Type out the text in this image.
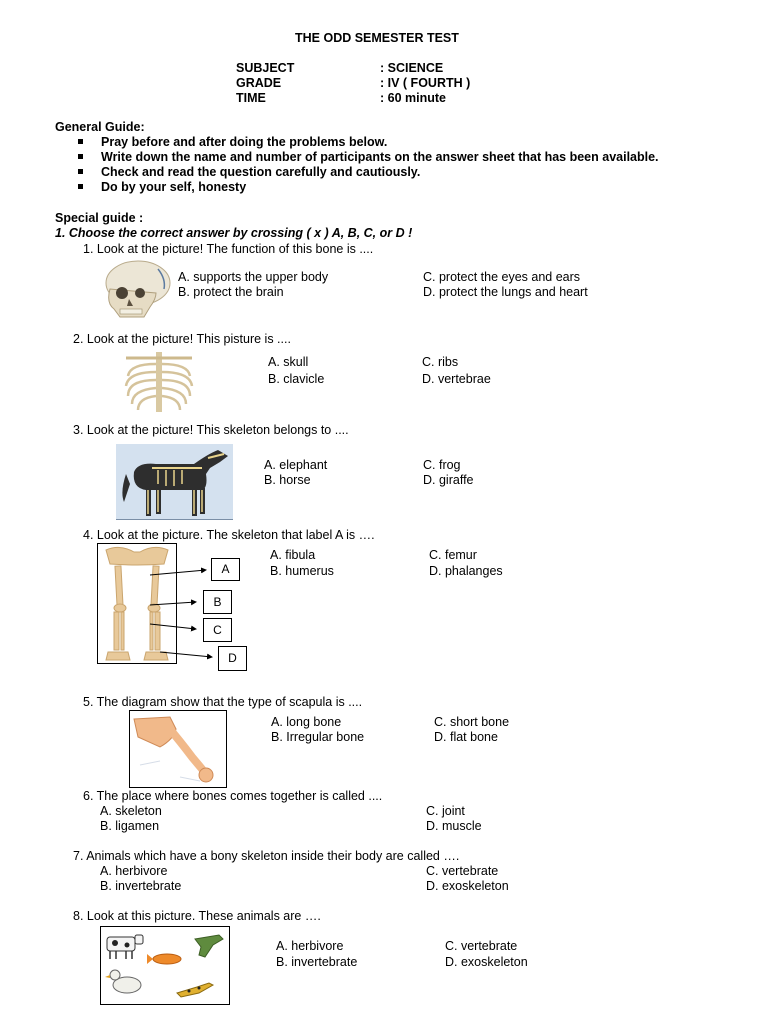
THE ODD SEMESTER TEST
SUBJECT	: SCIENCE
GRADE	: IV ( FOURTH )
TIME	: 60 minute
General Guide:
Pray before and after doing the problems below.
Write down the name and number of participants on the answer sheet that has been available.
Check and read the question carefully and cautiously.
Do by your self, honesty
Special guide :
1. Choose the correct answer by crossing ( x ) A, B, C, or D !
1. Look at the picture! The function of this bone is ....
A. supports the upper body
B. protect the brain
C. protect the eyes and ears
D. protect the lungs and heart
2. Look at the picture! This pisture is ....
A. skull
B. clavicle
C. ribs
D. vertebrae
3. Look at the picture! This skeleton belongs to ....
A. elephant
B. horse
C. frog
D. giraffe
4. Look at the picture. The skeleton that label A is ….
A
B
C
D
A. fibula
B. humerus
C. femur
D. phalanges
5. The diagram show that the type of scapula is ....
A. long bone
B. Irregular bone
C. short bone
D. flat bone
6. The place where bones comes together is called ....
A. skeleton
B. ligamen
C. joint
D. muscle
7. Animals which have a bony skeleton inside their body are called ….
A. herbivore
B. invertebrate
C. vertebrate
D. exoskeleton
8. Look at this picture. These animals are ….
A. herbivore
B. invertebrate
C. vertebrate
D. exoskeleton
